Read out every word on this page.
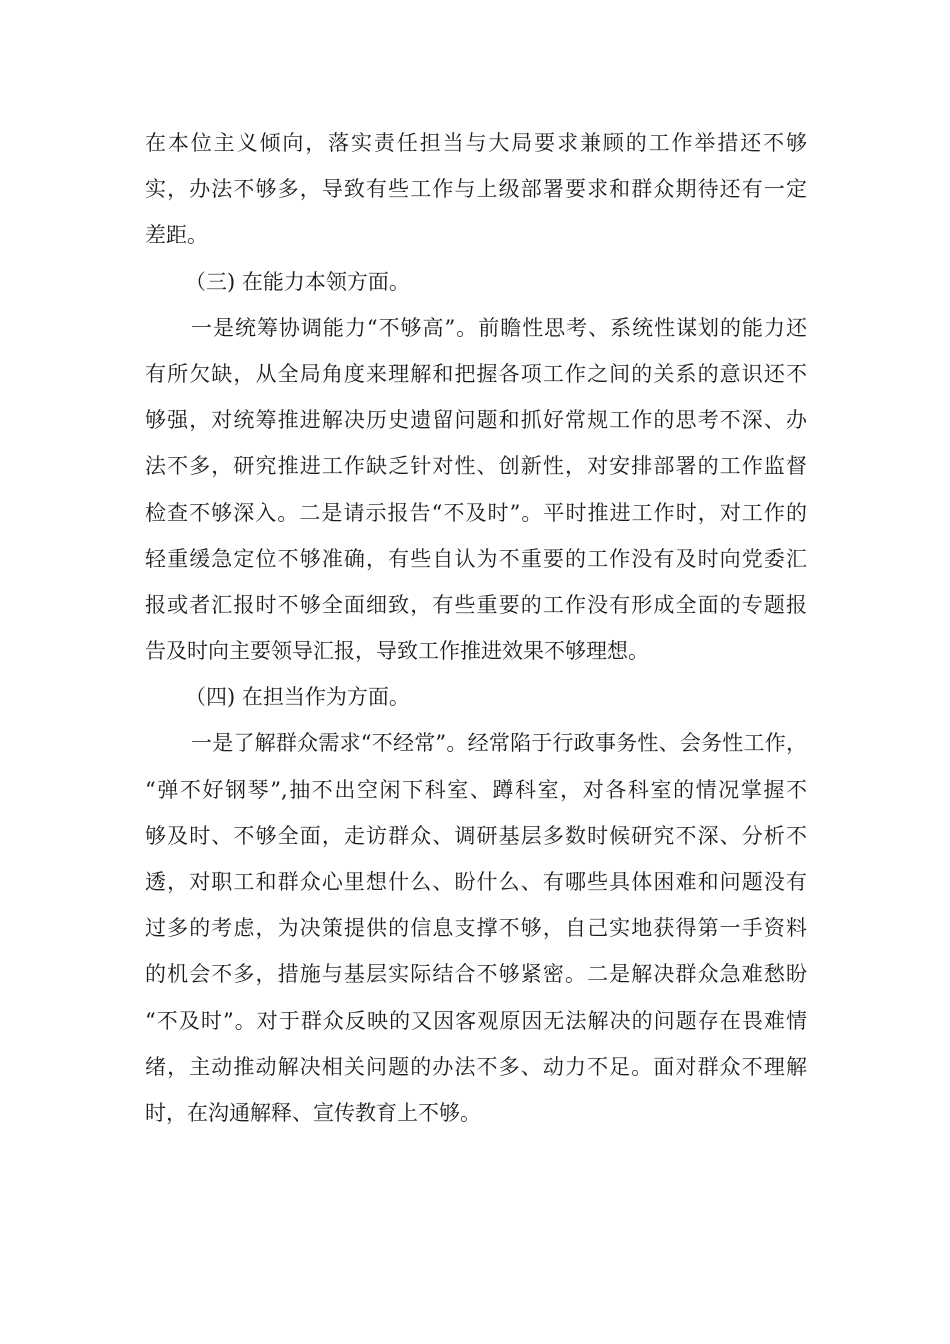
在本位主义倾向，落实责任担当与大局要求兼顾的工作举措还不够
实，办法不够多，导致有些工作与上级部署要求和群众期待还有一定
差距。
（三) 在能力本领方面。
一是统筹协调能力“不够高”。前瞻性思考、系统性谋划的能力还
有所欠缺，从全局角度来理解和把握各项工作之间的关系的意识还不
够强，对统筹推进解决历史遗留问题和抓好常规工作的思考不深、办
法不多，研究推进工作缺乏针对性、创新性，对安排部署的工作监督
检查不够深入。二是请示报告“不及时”。平时推进工作时，对工作的
轻重缓急定位不够准确，有些自认为不重要的工作没有及时向党委汇
报或者汇报时不够全面细致，有些重要的工作没有形成全面的专题报
告及时向主要领导汇报，导致工作推进效果不够理想。
（四) 在担当作为方面。
一是了解群众需求“不经常”。经常陷于行政事务性、会务性工作，
“弹不好钢琴”,抽不出空闲下科室、蹲科室，对各科室的情况掌握不
够及时、不够全面，走访群众、调研基层多数时候研究不深、分析不
透，对职工和群众心里想什么、盼什么、有哪些具体困难和问题没有
过多的考虑，为决策提供的信息支撑不够，自己实地获得第一手资料
的机会不多，措施与基层实际结合不够紧密。二是解决群众急难愁盼
“不及时”。对于群众反映的又因客观原因无法解决的问题存在畏难情
绪，主动推动解决相关问题的办法不多、动力不足。面对群众不理解
时，在沟通解释、宣传教育上不够。
